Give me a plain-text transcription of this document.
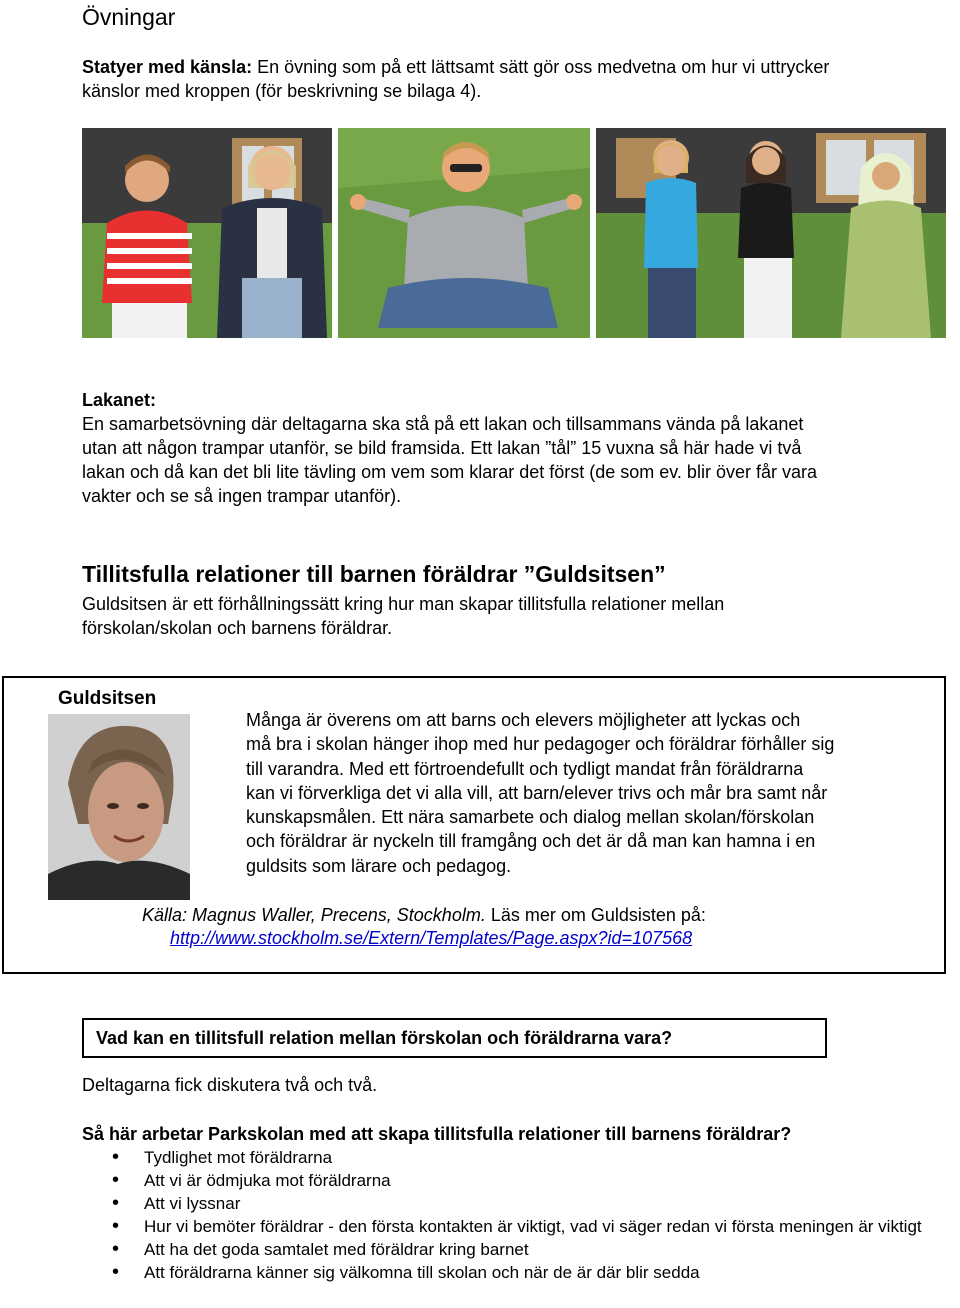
Övningar

Statyer med känsla: En övning som på ett lättsamt sätt gör oss medvetna om hur vi uttrycker
känslor med kroppen (för beskrivning se bilaga 4).

Lakanet:
En samarbetsövning där deltagarna ska stå på ett lakan och tillsammans vända på lakanet
utan att någon trampar utanför, se bild framsida. Ett lakan ”tål” 15 vuxna så här hade vi två
lakan och då kan det bli lite tävling om vem som klarar det först (de som ev. blir över får vara
vakter och se så ingen trampar utanför).

Tillitsfulla relationer till barnen föräldrar ”Guldsitsen”

Guldsitsen är ett förhållningssätt kring hur man skapar tillitsfulla relationer mellan
förskolan/skolan och barnens föräldrar.

Guldsitsen

Många är överens om att barns och elevers möjligheter att lyckas och
må bra i skolan hänger ihop med hur pedagoger och föräldrar förhåller sig
till varandra. Med ett förtroendefullt och tydligt mandat från föräldrarna
kan vi förverkliga det vi alla vill, att barn/elever trivs och mår bra samt når
kunskapsmålen. Ett nära samarbete och dialog mellan skolan/förskolan
och föräldrar är nyckeln till framgång och det är då man kan hamna i en
guldsits som lärare och pedagog.

Källa: Magnus Waller, Precens, Stockholm. Läs mer om Guldsisten på:
http://www.stockholm.se/Extern/Templates/Page.aspx?id=107568
Vad kan en tillitsfull relation mellan förskolan och föräldrarna vara?

Deltagarna fick diskutera två och två.

Så här arbetar Parkskolan med att skapa tillitsfulla relationer till barnens föräldrar?

• Tydlighet mot föräldrarna
• Att vi är ödmjuka mot föräldrarna
• Att vi lyssnar
• Hur vi bemöter föräldrar - den första kontakten är viktigt, vad vi säger redan vi första meningen är viktigt
• Att ha det goda samtalet med föräldrar kring barnet
• Att föräldrarna känner sig välkomna till skolan och när de är där blir sedda
